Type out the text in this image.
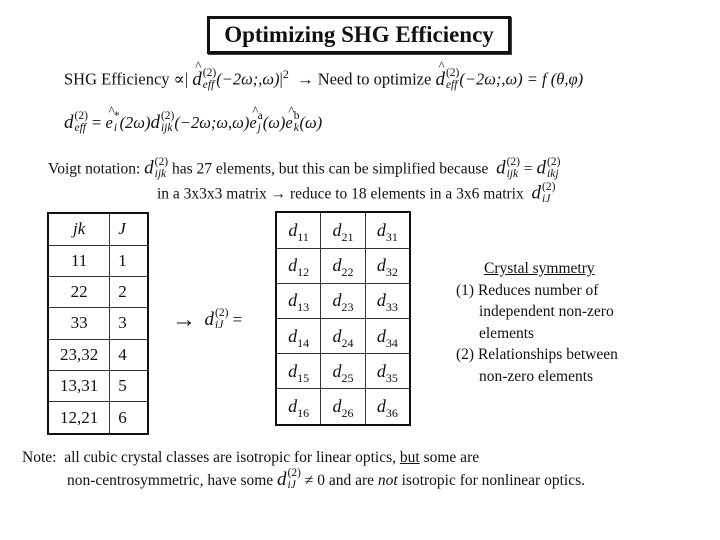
Optimizing SHG Efficiency
SHG Efficiency ∝| ^ d (2)
eff $(-2\omega;,\omega)|^2$ → Need to optimize ^ d (2)
eff (−2ω;,ω) = f (θ,φ)
d (2)
eff = ^ e *
i (2ω)d (2)
ijk (−2ω;ω,ω)^ e a
j (ω)^ e b
k (ω)
Voigt notation: d (2)
ijk has 27 elements, but this can be simplified because d (2)
ijk = d (2)
ikj
in a 3x3x3 matrix → reduce to 18 elements in a 3x6 matrix d (2)
iJ
jk	J
11	1
22	2
33	3
23,32	4
13,31	5
12,21	6
→ d (2)
iJ =
$d_{11}$	$d_{21}$	$d_{31}$
$d_{12}$	$d_{22}$	$d_{32}$
$d_{13}$	$d_{23}$	$d_{33}$
$d_{14}$	$d_{24}$	$d_{34}$
$d_{15}$	$d_{25}$	$d_{35}$
$d_{16}$	$d_{26}$	$d_{36}$
Crystal symmetry
(1) Reduces number of
independent non-zero
elements
(2) Relationships between
non-zero elements
Note: all cubic crystal classes are isotropic for linear optics, but some are
non-centrosymmetric, have some d (2)
iJ ≠ 0 and are not isotropic for nonlinear optics.
